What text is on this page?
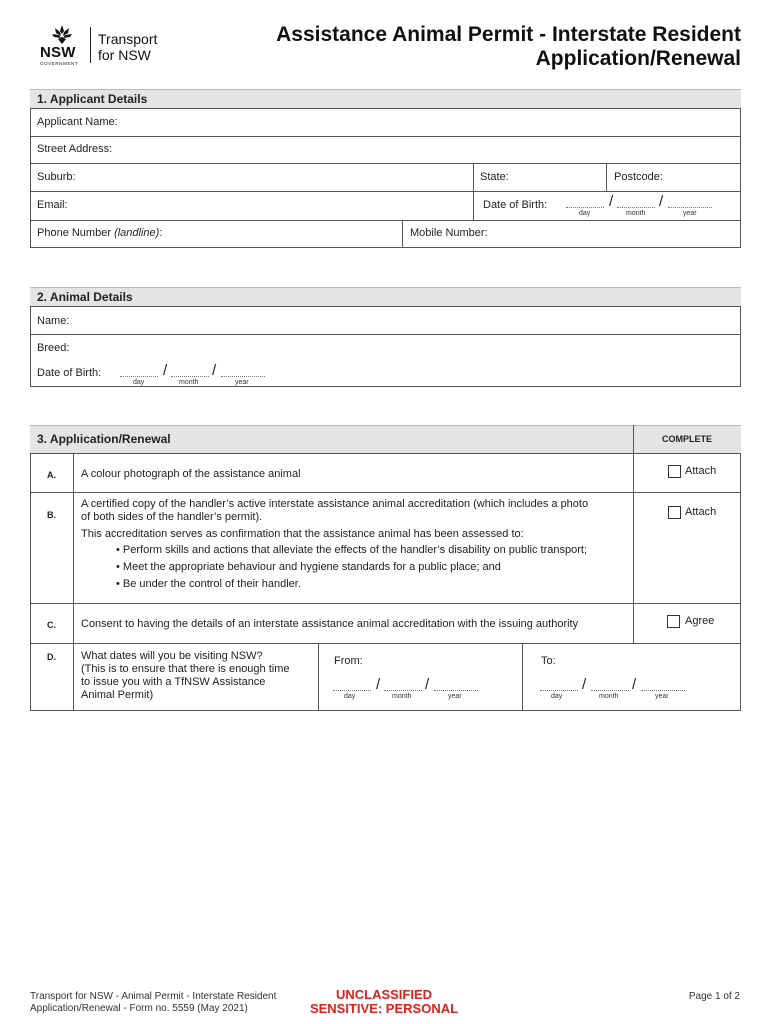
NSW
GOVERNMENT
Transport
for NSW
Assistance Animal Permit - Interstate Resident
Application/Renewal
1. Applicant Details
Applicant Name:
Street Address:
Suburb:	State:	Postcode:
Email:	Date of Birth:	/	/
day	month	year
Phone Number (landline):	Mobile Number:
2. Animal Details
Name:
Breed:
Date of Birth:	/	/
day	month	year
3. Applıication/Renewal	COMPLETE
A. A colour photograph of the assistance animal	Attach
B.
A certified copy of the handler’s active interstate assistance animal accreditation (which includes a photo
of both sides of the handler’s permit).
This accreditation serves as confirmation that the assistance animal has been assessed to:
• Perform skills and actions that alleviate the effects of the handler’s disability on public transport;
• Meet the appropriate behaviour and hygiene standards for a public place; and
• Be under the control of their handler.
Attach
C. Consent to having the details of an interstate assistance animal accreditation with the issuing authority	Agree
D. What dates will you be visiting NSW?
(This is to ensure that there is enough time
to issue you with a TfNSW Assistance
Animal Permit)
From:
/	/
day	month	year
To:
/	/
day	month	year
Transport for NSW - Animal Permit - Interstate Resident
Application/Renewal - Form no. 5559 (May 2021)
UNCLASSIFIED
SENSITIVE: PERSONAL
Page 1 of 2
